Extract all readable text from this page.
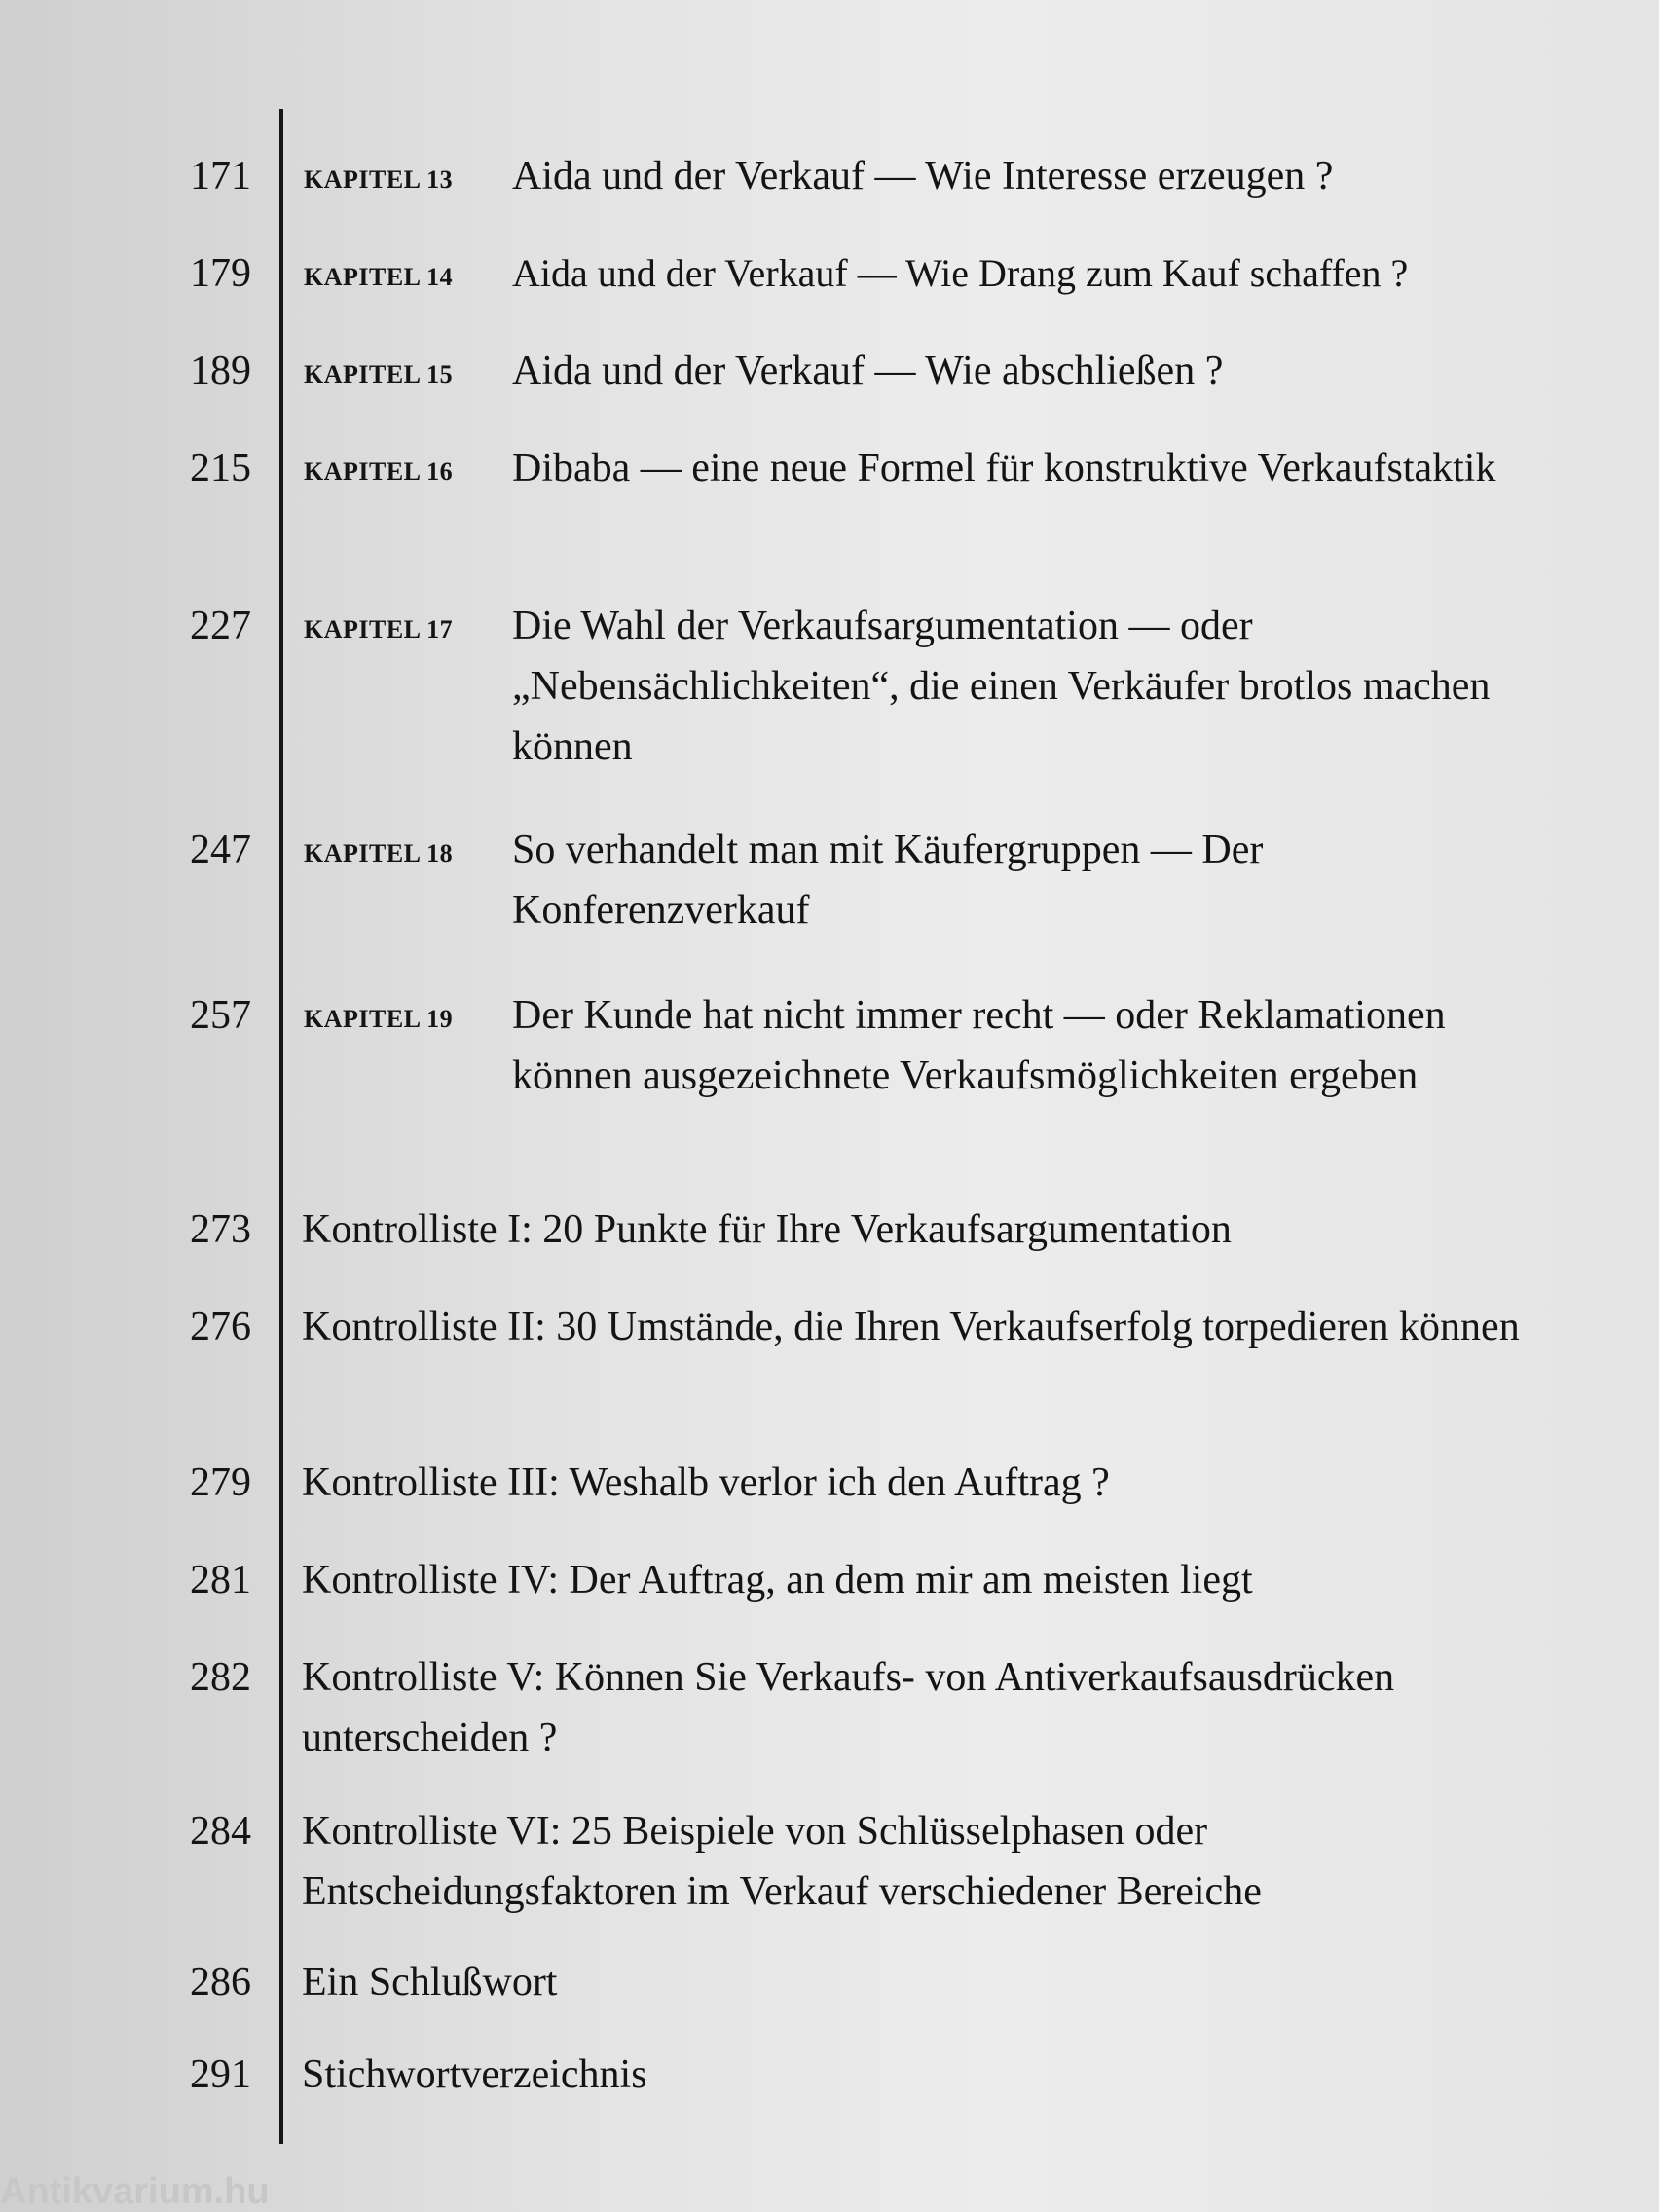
171 KAPITEL 13 Aida und der Verkauf — Wie Interesse erzeugen ?
179 KAPITEL 14 Aida und der Verkauf — Wie Drang zum Kauf schaffen ?
189 KAPITEL 15 Aida und der Verkauf — Wie abschließen ?
215 KAPITEL 16 Dibaba — eine neue Formel für konstruktive Verkaufstaktik
227 KAPITEL 17 Die Wahl der Verkaufsargumentation — oder „Nebensächlichkeiten“, die einen Verkäufer brotlos machen können
247 KAPITEL 18 So verhandelt man mit Käufergruppen — Der Konferenzverkauf
257 KAPITEL 19 Der Kunde hat nicht immer recht — oder Reklamationen können ausgezeichnete Verkaufsmöglichkeiten ergeben
273 Kontrolliste I: 20 Punkte für Ihre Verkaufsargumentation
276 Kontrolliste II: 30 Umstände, die Ihren Verkaufserfolg torpedieren können
279 Kontrolliste III: Weshalb verlor ich den Auftrag ?
281 Kontrolliste IV: Der Auftrag, an dem mir am meisten liegt
282 Kontrolliste V: Können Sie Verkaufs- von Antiverkaufsausdrücken unterscheiden ?
284 Kontrolliste VI: 25 Beispiele von Schlüsselphasen oder Entscheidungsfaktoren im Verkauf verschiedener Bereiche
286 Ein Schlußwort
291 Stichwortverzeichnis
Antikvarium.hu
